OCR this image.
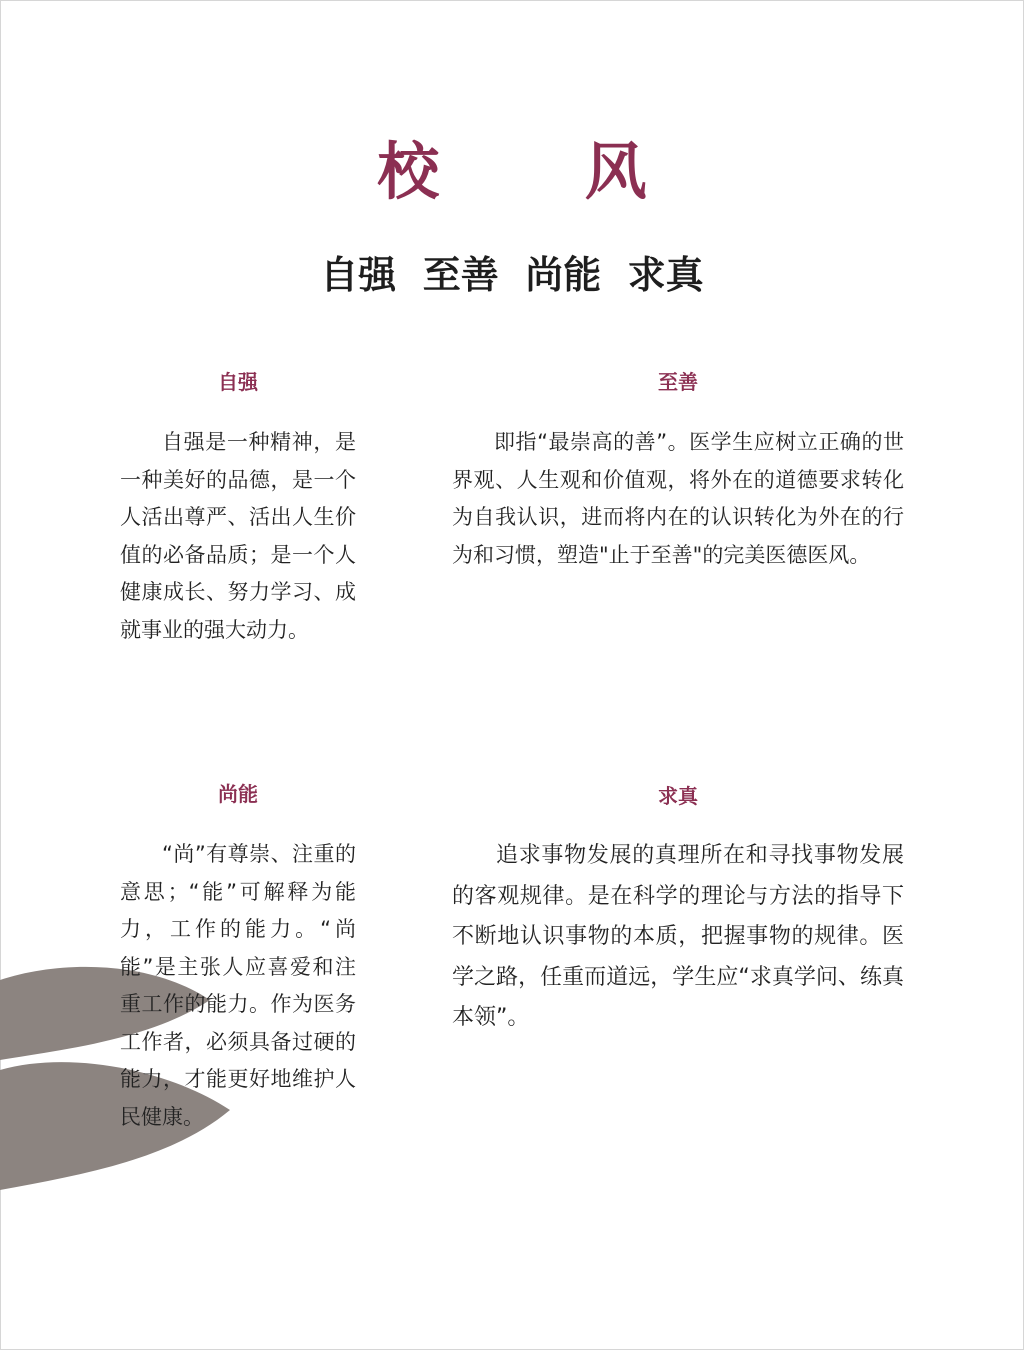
校 风
自强  至善  尚能  求真
自强
自强是一种精神，是一种美好的品德，是一个人活出尊严、活出人生价值的必备品质；是一个人健康成长、努力学习、成就事业的强大动力。
至善
即指“最崇高的善”。医学生应树立正确的世界观、人生观和价值观，将外在的道德要求转化为自我认识，进而将内在的认识转化为外在的行为和习惯，塑造"止于至善"的完美医德医风。
尚能
“尚”有尊崇、注重的意思；“能”可解释为能力，工作的能力。“尚能”是主张人应喜爱和注重工作的能力。作为医务工作者，必须具备过硬的能力，才能更好地维护人民健康。
求真
追求事物发展的真理所在和寻找事物发展的客观规律。是在科学的理论与方法的指导下不断地认识事物的本质，把握事物的规律。医学之路，任重而道远，学生应“求真学问、练真本领”。
